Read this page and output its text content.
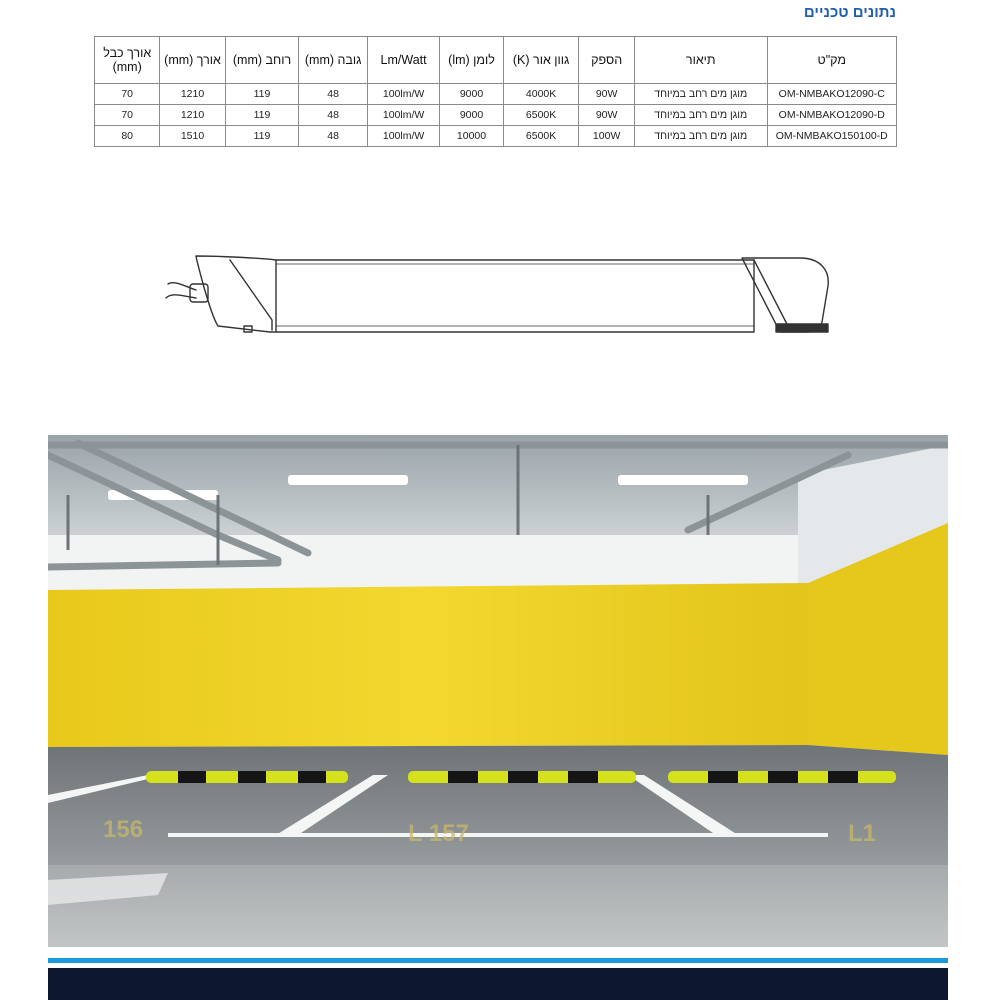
נתונים טכניים
מק"ט	תיאור	הספק	גוון אור (K)	לומן (lm)	Lm/Watt	גובה (mm)	רוחב (mm)	אורך (mm)	אורך כבל (mm)
OM-NMBAKO12090-C	מוגן מים רחב במיוחד	90W	4000K	9000	100lm/W	48	119	1210	70
OM-NMBAKO12090-D	מוגן מים רחב במיוחד	90W	6500K	9000	100lm/W	48	119	1210	70
OM-NMBAKO150100-D	מוגן מים רחב במיוחד	100W	6500K	10000	100lm/W	48	119	1510	80
156	L 157	L1
